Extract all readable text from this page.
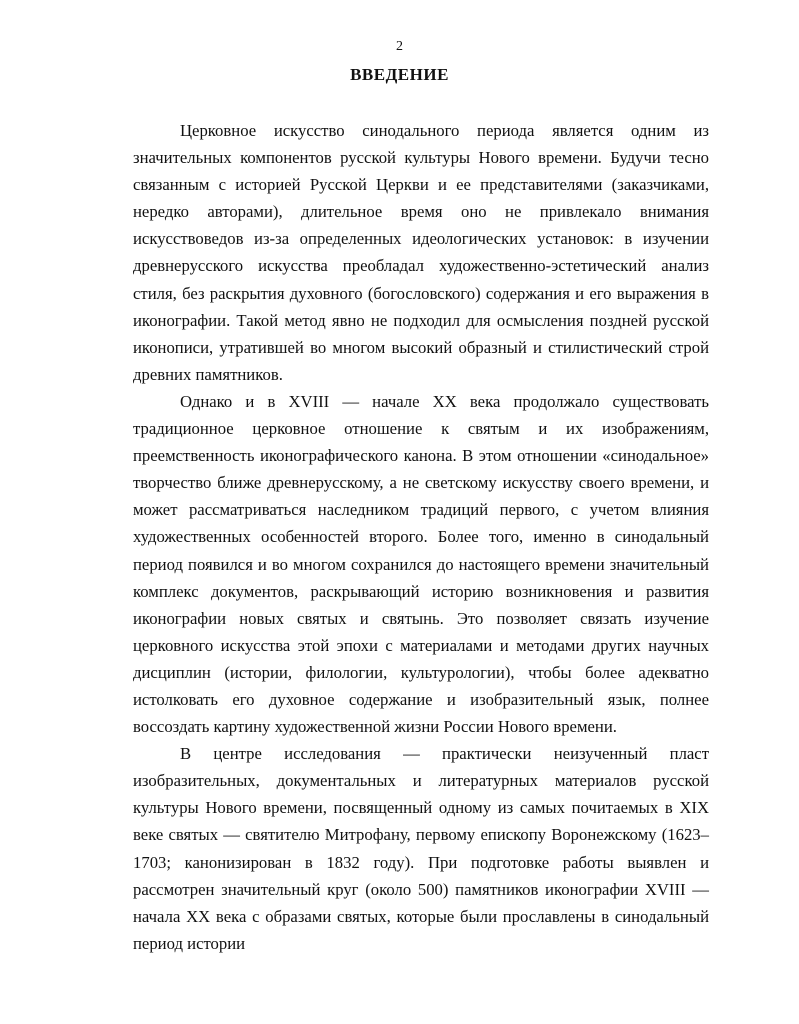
2
ВВЕДЕНИЕ

Церковное искусство синодального периода является одним из значительных компонентов русской культуры Нового времени. Будучи тесно связанным с историей Русской Церкви и ее представителями (заказчиками, нередко авторами), длительное время оно не привлекало внимания искусствоведов из-за определенных идеологических установок: в изучении древнерусского искусства преобладал художественно-эстетический анализ стиля, без раскрытия духовного (богословского) содержания и его выражения в иконографии. Такой метод явно не подходил для осмысления поздней русской иконописи, утратившей во многом высокий образный и стилистический строй древних памятников.

Однако и в XVIII — начале XX века продолжало существовать традиционное церковное отношение к святым и их изображениям, преемственность иконографического канона. В этом отношении «синодальное» творчество ближе древнерусскому, а не светскому искусству своего времени, и может рассматриваться наследником традиций первого, с учетом влияния художественных особенностей второго. Более того, именно в синодальный период появился и во многом сохранился до настоящего времени значительный комплекс документов, раскрывающий историю возникновения и развития иконографии новых святых и святынь. Это позволяет связать изучение церковного искусства этой эпохи с материалами и методами других научных дисциплин (истории, филологии, культурологии), чтобы более адекватно истолковать его духовное содержание и изобразительный язык, полнее воссоздать картину художественной жизни России Нового времени.

В центре исследования — практически неизученный пласт изобразительных, документальных и литературных материалов русской культуры Нового времени, посвященный одному из самых почитаемых в XIX веке святых — святителю Митрофану, первому епископу Воронежскому (1623–1703; канонизирован в 1832 году). При подготовке работы выявлен и рассмотрен значительный круг (около 500) памятников иконографии XVIII — начала XX века с образами святых, которые были прославлены в синодальный период истории
